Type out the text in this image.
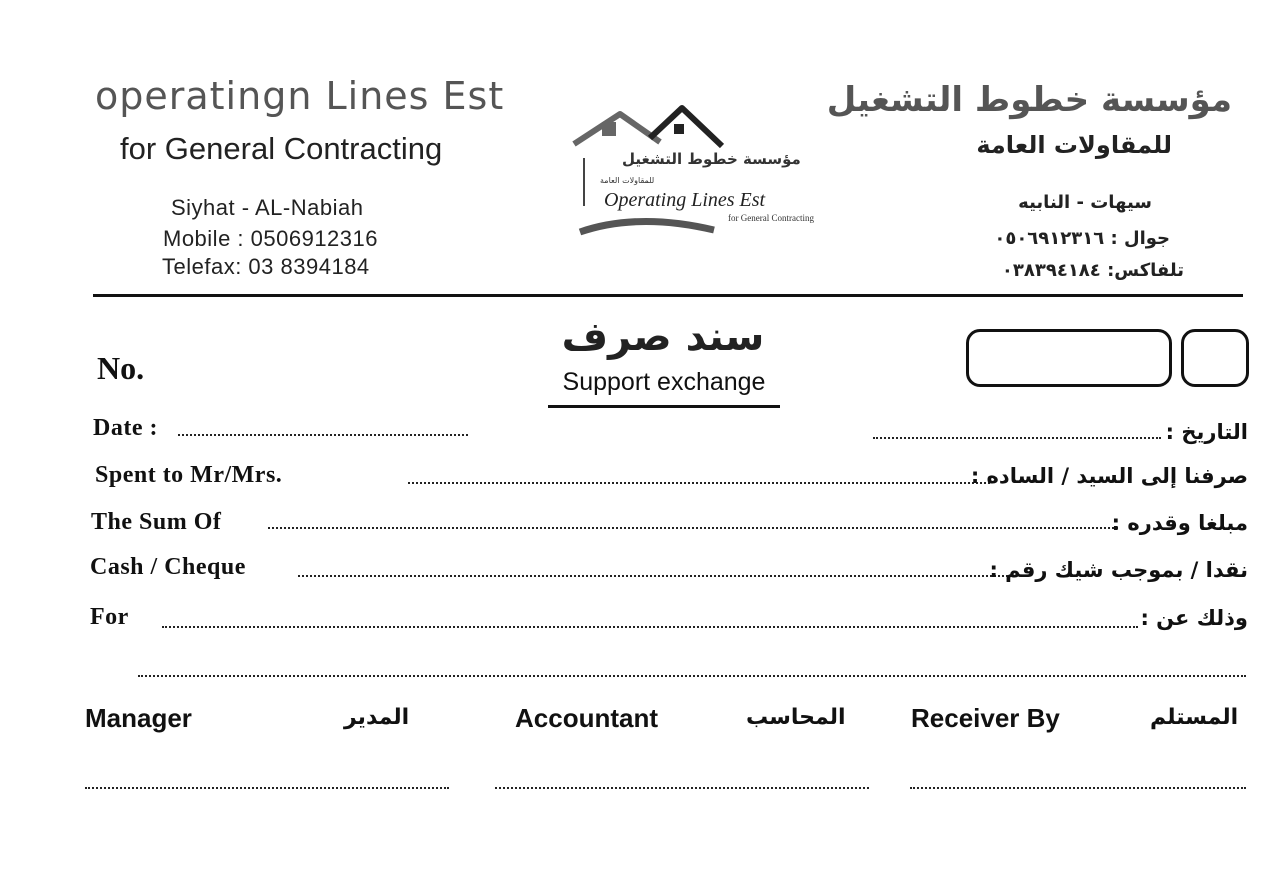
operatingn Lines Est
for General Contracting
Siyhat - AL-Nabiah
Mobile : 0506912316
Telefax: 03 8394184
مؤسسة خطوط التشغيل
للمقاولات العامة
سيهات - النابيه
جوال : ٠٥٠٦٩١٢٣١٦
تلفاكس: ٠٣٨٣٩٤١٨٤
مؤسسة خطوط التشغيل
للمقاولات العامة
Operating Lines Est
for General Contracting
No.
سند صرف
Support exchange
Date :	التاريخ :
Spent to Mr/Mrs.	صرفنا إلى السيد / الساده :
The Sum Of	مبلغا وقدره :
Cash / Cheque	نقدا / بموجب شيك رقم :
For	وذلك عن :
Manager	المدير	Accountant	المحاسب	Receiver By	المستلم
